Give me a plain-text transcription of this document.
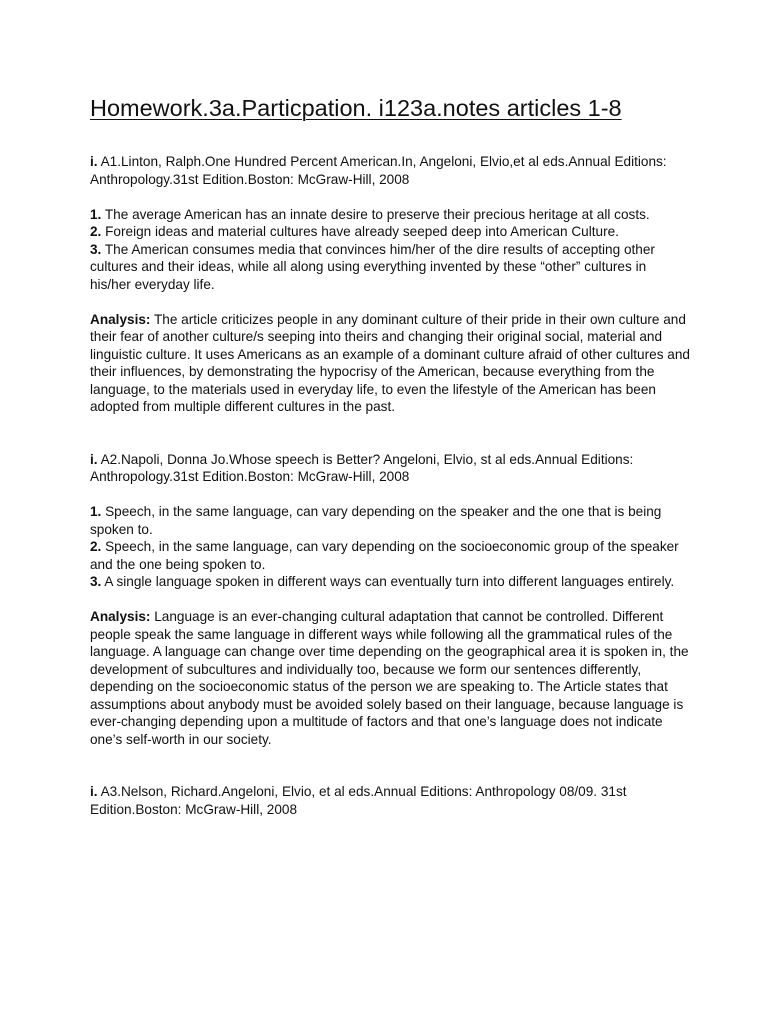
Homework.3a.Particpation. i123a.notes articles 1-8

i. A1.Linton, Ralph.One Hundred Percent American.In, Angeloni, Elvio,et al eds.Annual Editions: Anthropology.31st Edition.Boston: McGraw-Hill, 2008

1. The average American has an innate desire to preserve their precious heritage at all costs.

2. Foreign ideas and material cultures have already seeped deep into American Culture.

3. The American consumes media that convinces him/her of the dire results of accepting other cultures and their ideas, while all along using everything invented by these “other” cultures in his/her everyday life.

Analysis: The article criticizes people in any dominant culture of their pride in their own culture and their fear of another culture/s seeping into theirs and changing their original social, material and linguistic culture. It uses Americans as an example of a dominant culture afraid of other cultures and their influences, by demonstrating the hypocrisy of the American, because everything from the language, to the materials used in everyday life, to even the lifestyle of the American has been adopted from multiple different cultures in the past.

i. A2.Napoli, Donna Jo.Whose speech is Better? Angeloni, Elvio, st al eds.Annual Editions: Anthropology.31st Edition.Boston: McGraw-Hill, 2008

1. Speech, in the same language, can vary depending on the speaker and the one that is being spoken to.

2. Speech, in the same language, can vary depending on the socioeconomic group of the speaker and the one being spoken to.

3. A single language spoken in different ways can eventually turn into different languages entirely.

Analysis: Language is an ever-changing cultural adaptation that cannot be controlled. Different people speak the same language in different ways while following all the grammatical rules of the language. A language can change over time depending on the geographical area it is spoken in, the development of subcultures and individually too, because we form our sentences differently, depending on the socioeconomic status of the person we are speaking to. The Article states that assumptions about anybody must be avoided solely based on their language, because language is ever-changing depending upon a multitude of factors and that one’s language does not indicate one’s self-worth in our society.

i. A3.Nelson, Richard.Angeloni, Elvio, et al eds.Annual Editions: Anthropology 08/09. 31st Edition.Boston: McGraw-Hill, 2008
